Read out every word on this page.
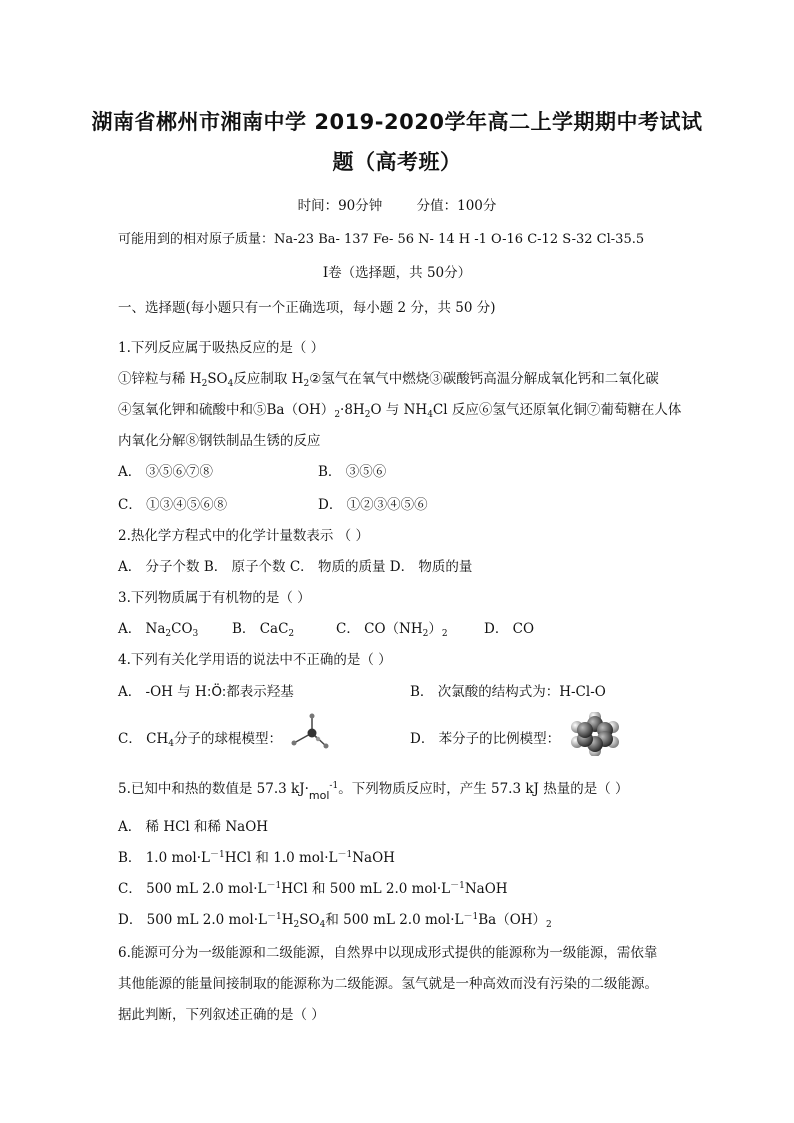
湖南省郴州市湘南中学 2019-2020学年高二上学期期中考试试
题（高考班）
时间：90分钟	分值：100分
可能用到的相对原子质量：Na-23 Ba- 137 Fe- 56 N- 14 H -1 O-16 C-12 S-32 Cl-35.5
Ⅰ卷（选择题，共 50分）
一、选择题(每小题只有一个正确选项，每小题 2 分，共 50 分)
1.下列反应属于吸热反应的是（ ）
①锌粒与稀 $H_2SO_4$反应制取 $H_2②$氢气在氧气中燃烧③碳酸钙高温分解成氧化钙和二氧化碳
④氢氧化钾和硫酸中和$⑤Ba(OH)_2\cdot 8H_2O$ 与 $NH_4Cl$ 反应⑥氢气还原氧化铜⑦葡萄糖在人体
内氧化分解⑧钢铁制品生锈的反应
A． ③⑤⑥⑦⑧	B． ③⑤⑥
C． ①③④⑤⑥⑧	D． ①②③④⑤⑥
2.热化学方程式中的化学计量数表示 （ ）
A． 分子个数 B． 原子个数 C． 物质的质量 D． 物质的量
3.下列物质属于有机物的是（ ）
A． $Na_2CO_3$ B． CaC$_2$	C． $CO(NH_2)_2$	D． CO
4.下列有关化学用语的说法中不正确的是（ ）
A． -OH 与 H:Ö:都表示羟基	B． 次氯酸的结构式为：H-Cl-O
C． $CH_4$分子的球棍模型：	D． 苯分子的比例模型：
5.已知中和热的数值是 57.3 $kJ\cdot_{mol}^{-1}$。下列物质反应时，产生 57.3 kJ 热量的是（ ）
A． 稀 HCl 和稀 NaOH
B． 1.0 $mol\cdot L^{-1}HCl$ 和 1.0 $mol\cdot L^{-1}NaOH$
C． 500 mL 2.0 $mol\cdot L^{-1}HCl$ 和 500 mL 2.0 $mol\cdot L^{-1}NaOH$
D． 500 mL 2.0 $mol\cdot L^{-1}H_2SO_4$和 500 mL 2.0 $mol\cdot L^{-1}Ba(OH)_2$
6.能源可分为一级能源和二级能源，自然界中以现成形式提供的能源称为一级能源，需依靠
其他能源的能量间接制取的能源称为二级能源。氢气就是一种高效而没有污染的二级能源。
据此判断，下列叙述正确的是（ ）
